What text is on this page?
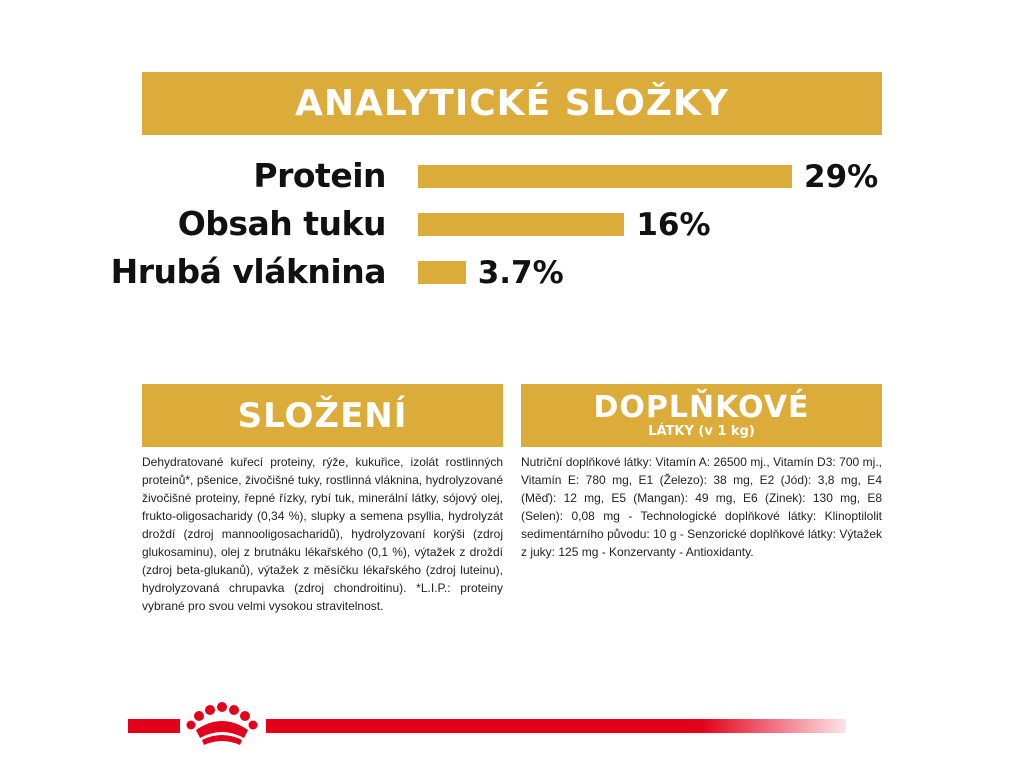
ANALYTICKÉ SLOŽKY
Protein	29%
Obsah tuku	16%
Hrubá vláknina	3.7%
SLOŽENÍ
Dehydratované kuřecí proteiny, rýže, kukuřice, izolát rostlinných proteinů*, pšenice, živočišné tuky, rostlinná vláknina, hydrolyzované živočišné proteiny, řepné řízky, rybí tuk, minerální látky, sójový olej, frukto-oligosacharidy (0,34 %), slupky a semena psyllia, hydrolyzát droždí (zdroj mannooligosacharidů), hydrolyzovaní korýši (zdroj glukosaminu), olej z brutnáku lékařského (0,1 %), výtažek z droždí (zdroj beta-glukanů), výtažek z měsíčku lékařského (zdroj luteinu), hydrolyzovaná chrupavka (zdroj chondroitinu). *L.I.P.: proteiny vybrané pro svou velmi vysokou stravitelnost.
DOPLŇKOVÉ
LÁTKY (v 1 kg)
Nutriční doplňkové látky: Vitamín A: 26500 mj., Vitamín D3: 700 mj., Vitamín E: 780 mg, E1 (Železo): 38 mg, E2 (Jód): 3,8 mg, E4 (Měď): 12 mg, E5 (Mangan): 49 mg, E6 (Zinek): 130 mg, E8 (Selen): 0,08 mg - Technologické doplňkové látky: Klinoptilolit sedimentárního původu: 10 g - Senzorické doplňkové látky: Výtažek z juky: 125 mg - Konzervanty - Antioxidanty.
